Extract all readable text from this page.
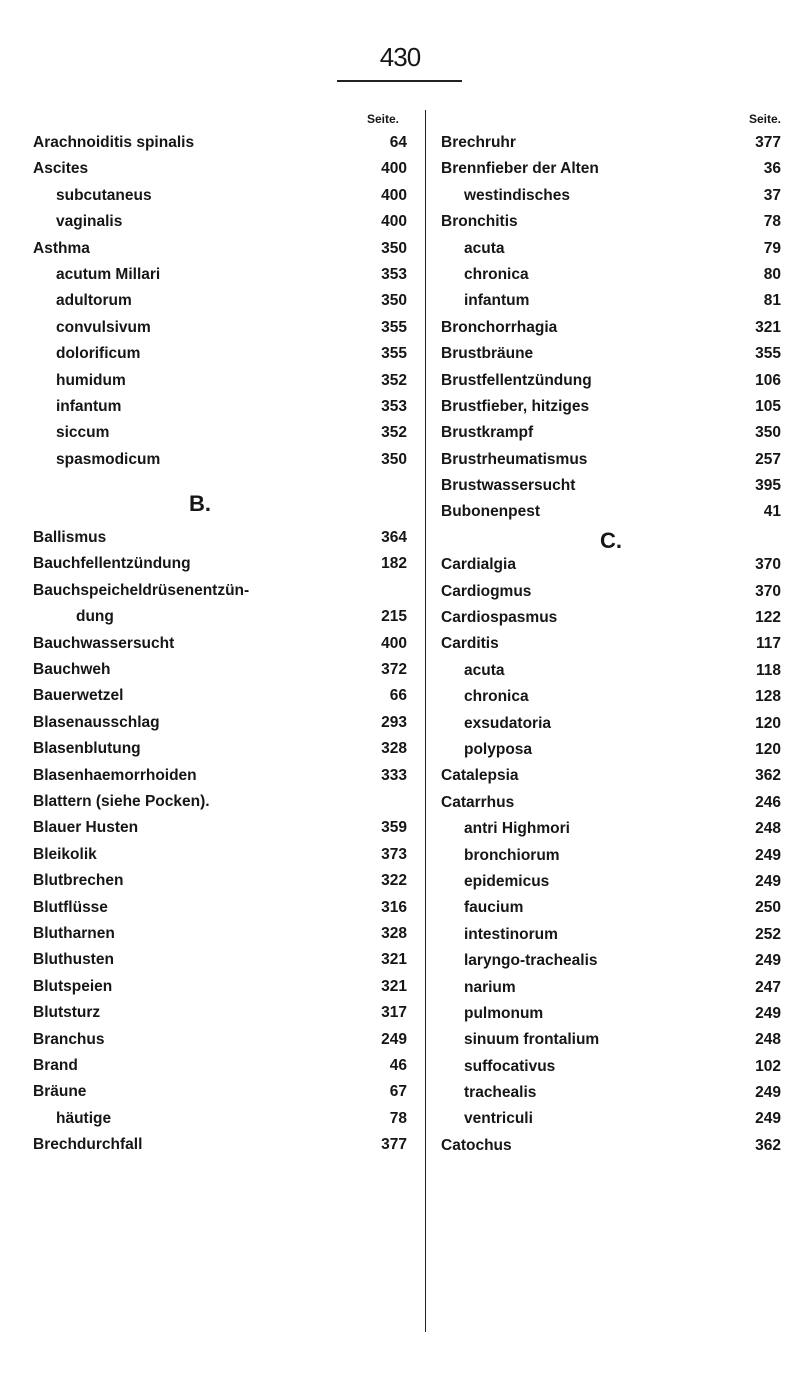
430
Seite.
Arachnoiditis spinalis	64
Ascites	400
subcutaneus	400
vaginalis	400
Asthma	350
acutum Millari	353
adultorum	350
convulsivum	355
dolorificum	355
humidum	352
infantum	353
siccum	352
spasmodicum	350
B.
Ballismus	364
Bauchfellentzündung	182
Bauchspeicheldrüsenentzün-
dung	215
Bauchwassersucht	400
Bauchweh	372
Bauerwetzel	66
Blasenausschlag	293
Blasenblutung	328
Blasenhaemorrhoiden	333
Blattern (siehe Pocken).
Blauer Husten	359
Bleikolik	373
Blutbrechen	322
Blutflüsse	316
Blutharnen	328
Bluthusten	321
Blutspeien	321
Blutsturz	317
Branchus	249
Brand	46
Bräune	67
häutige	78
Brechdurchfall	377
Seite.
Brechruhr	377
Brennfieber der Alten	36
westindisches	37
Bronchitis	78
acuta	79
chronica	80
infantum	81
Bronchorrhagia	321
Brustbräune	355
Brustfellentzündung	106
Brustfieber, hitziges	105
Brustkrampf	350
Brustrheumatismus	257
Brustwassersucht	395
Bubonenpest	41
C.
Cardialgia	370
Cardiogmus	370
Cardiospasmus	122
Carditis	117
acuta	118
chronica	128
exsudatoria	120
polyposa	120
Catalepsia	362
Catarrhus	246
antri Highmori	248
bronchiorum	249
epidemicus	249
faucium	250
intestinorum	252
laryngo-trachealis	249
narium	247
pulmonum	249
sinuum frontalium	248
suffocativus	102
trachealis	249
ventriculi	249
Catochus	362
